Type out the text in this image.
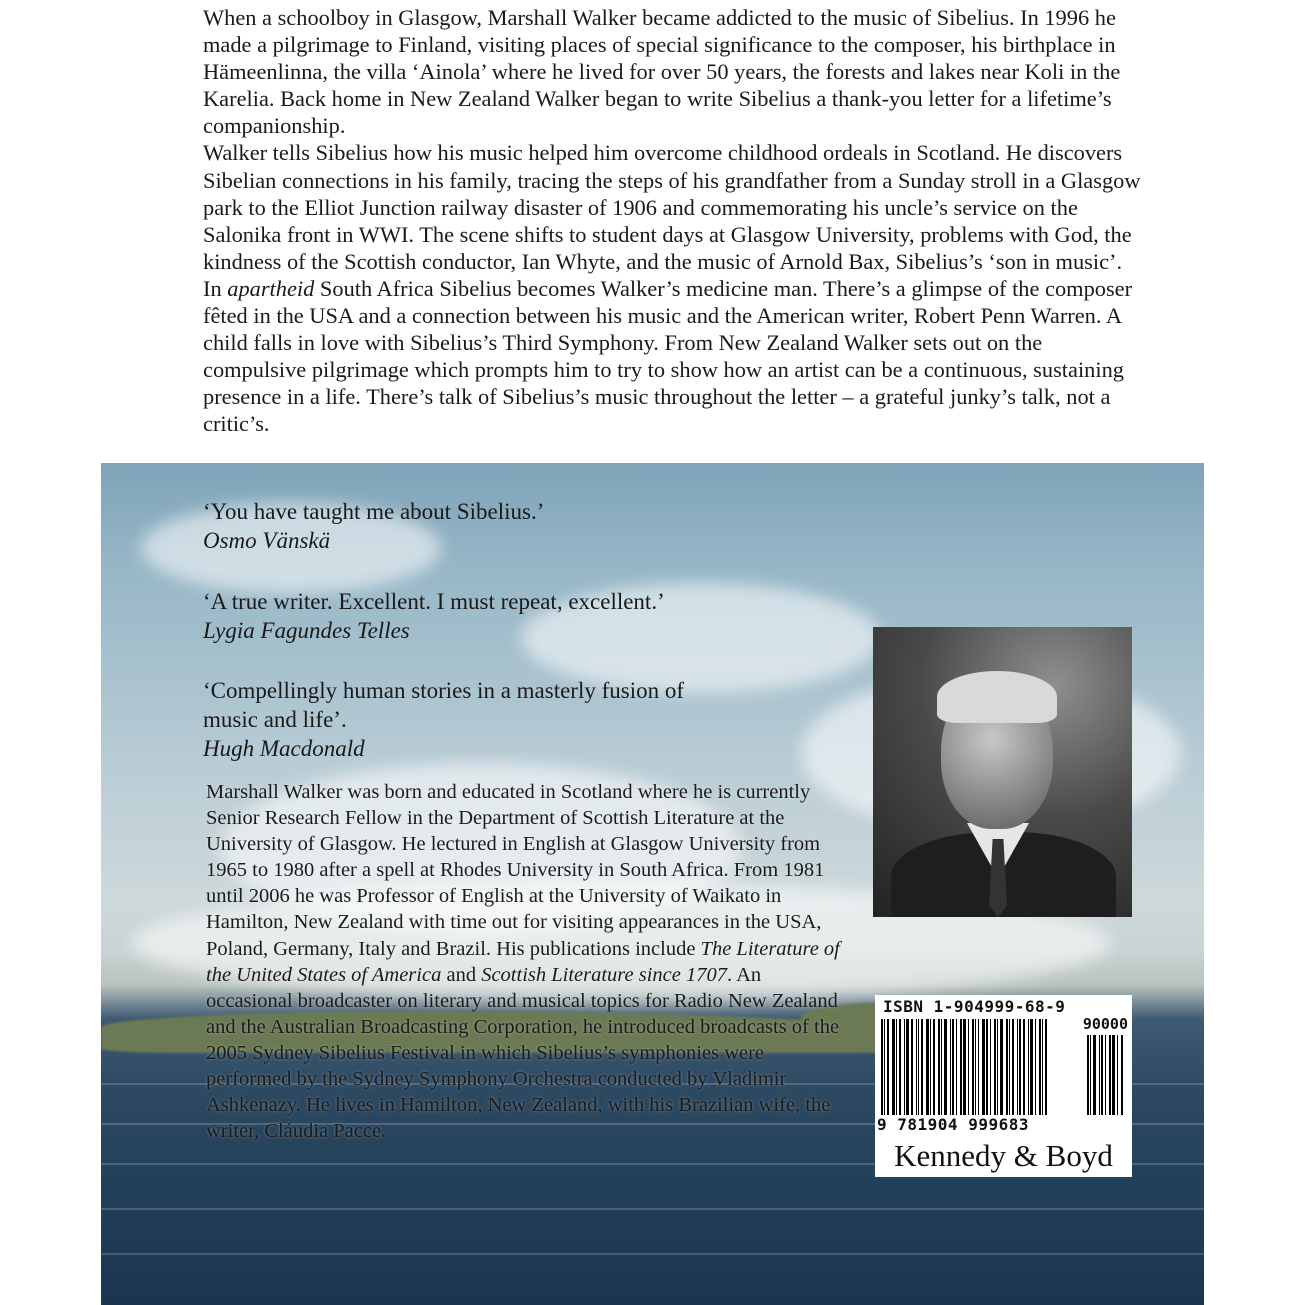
When a schoolboy in Glasgow, Marshall Walker became addicted to the music of Sibelius. In 1996 he made a pilgrimage to Finland, visiting places of special significance to the composer, his birthplace in Hämeenlinna, the villa ‘Ainola’ where he lived for over 50 years, the forests and lakes near Koli in the Karelia. Back home in New Zealand Walker began to write Sibelius a thank-you letter for a lifetime’s companionship.

Walker tells Sibelius how his music helped him overcome childhood ordeals in Scotland. He discovers Sibelian connections in his family, tracing the steps of his grandfather from a Sunday stroll in a Glasgow park to the Elliot Junction railway disaster of 1906 and commemorating his uncle’s service on the Salonika front in WWI. The scene shifts to student days at Glasgow University, problems with God, the kindness of the Scottish conductor, Ian Whyte, and the music of Arnold Bax, Sibelius’s ‘son in music’. In apartheid South Africa Sibelius becomes Walker’s medicine man. There’s a glimpse of the composer fêted in the USA and a connection between his music and the American writer, Robert Penn Warren. A child falls in love with Sibelius’s Third Symphony. From New Zealand Walker sets out on the compulsive pilgrimage which prompts him to try to show how an artist can be a continuous, sustaining presence in a life. There’s talk of Sibelius’s music throughout the letter – a grateful junky’s talk, not a critic’s.

‘You have taught me about Sibelius.’
Osmo Vänskä
‘A true writer. Excellent. I must repeat, excellent.’
Lygia Fagundes Telles
‘Compellingly human stories in a masterly fusion of
music and life’.
Hugh Macdonald

Marshall Walker was born and educated in Scotland where he is currently Senior Research Fellow in the Department of Scottish Literature at the University of Glasgow. He lectured in English at Glasgow University from 1965 to 1980 after a spell at Rhodes University in South Africa. From 1981 until 2006 he was Professor of English at the University of Waikato in Hamilton, New Zealand with time out for visiting appearances in the USA, Poland, Germany, Italy and Brazil. His publications include The Literature of the United States of America and Scottish Literature since 1707. An occasional broadcaster on literary and musical topics for Radio New Zealand and the Australian Broadcasting Corporation, he introduced broadcasts of the 2005 Sydney Sibelius Festival in which Sibelius’s symphonies were performed by the Sydney Symphony Orchestra conducted by Vladimir Ashkenazy. He lives in Hamilton, New Zealand, with his Brazilian wife, the writer, Cláudia Pacce.

ISBN 1-904999-68-9
90000
9 781904 999683
Kennedy & Boyd
